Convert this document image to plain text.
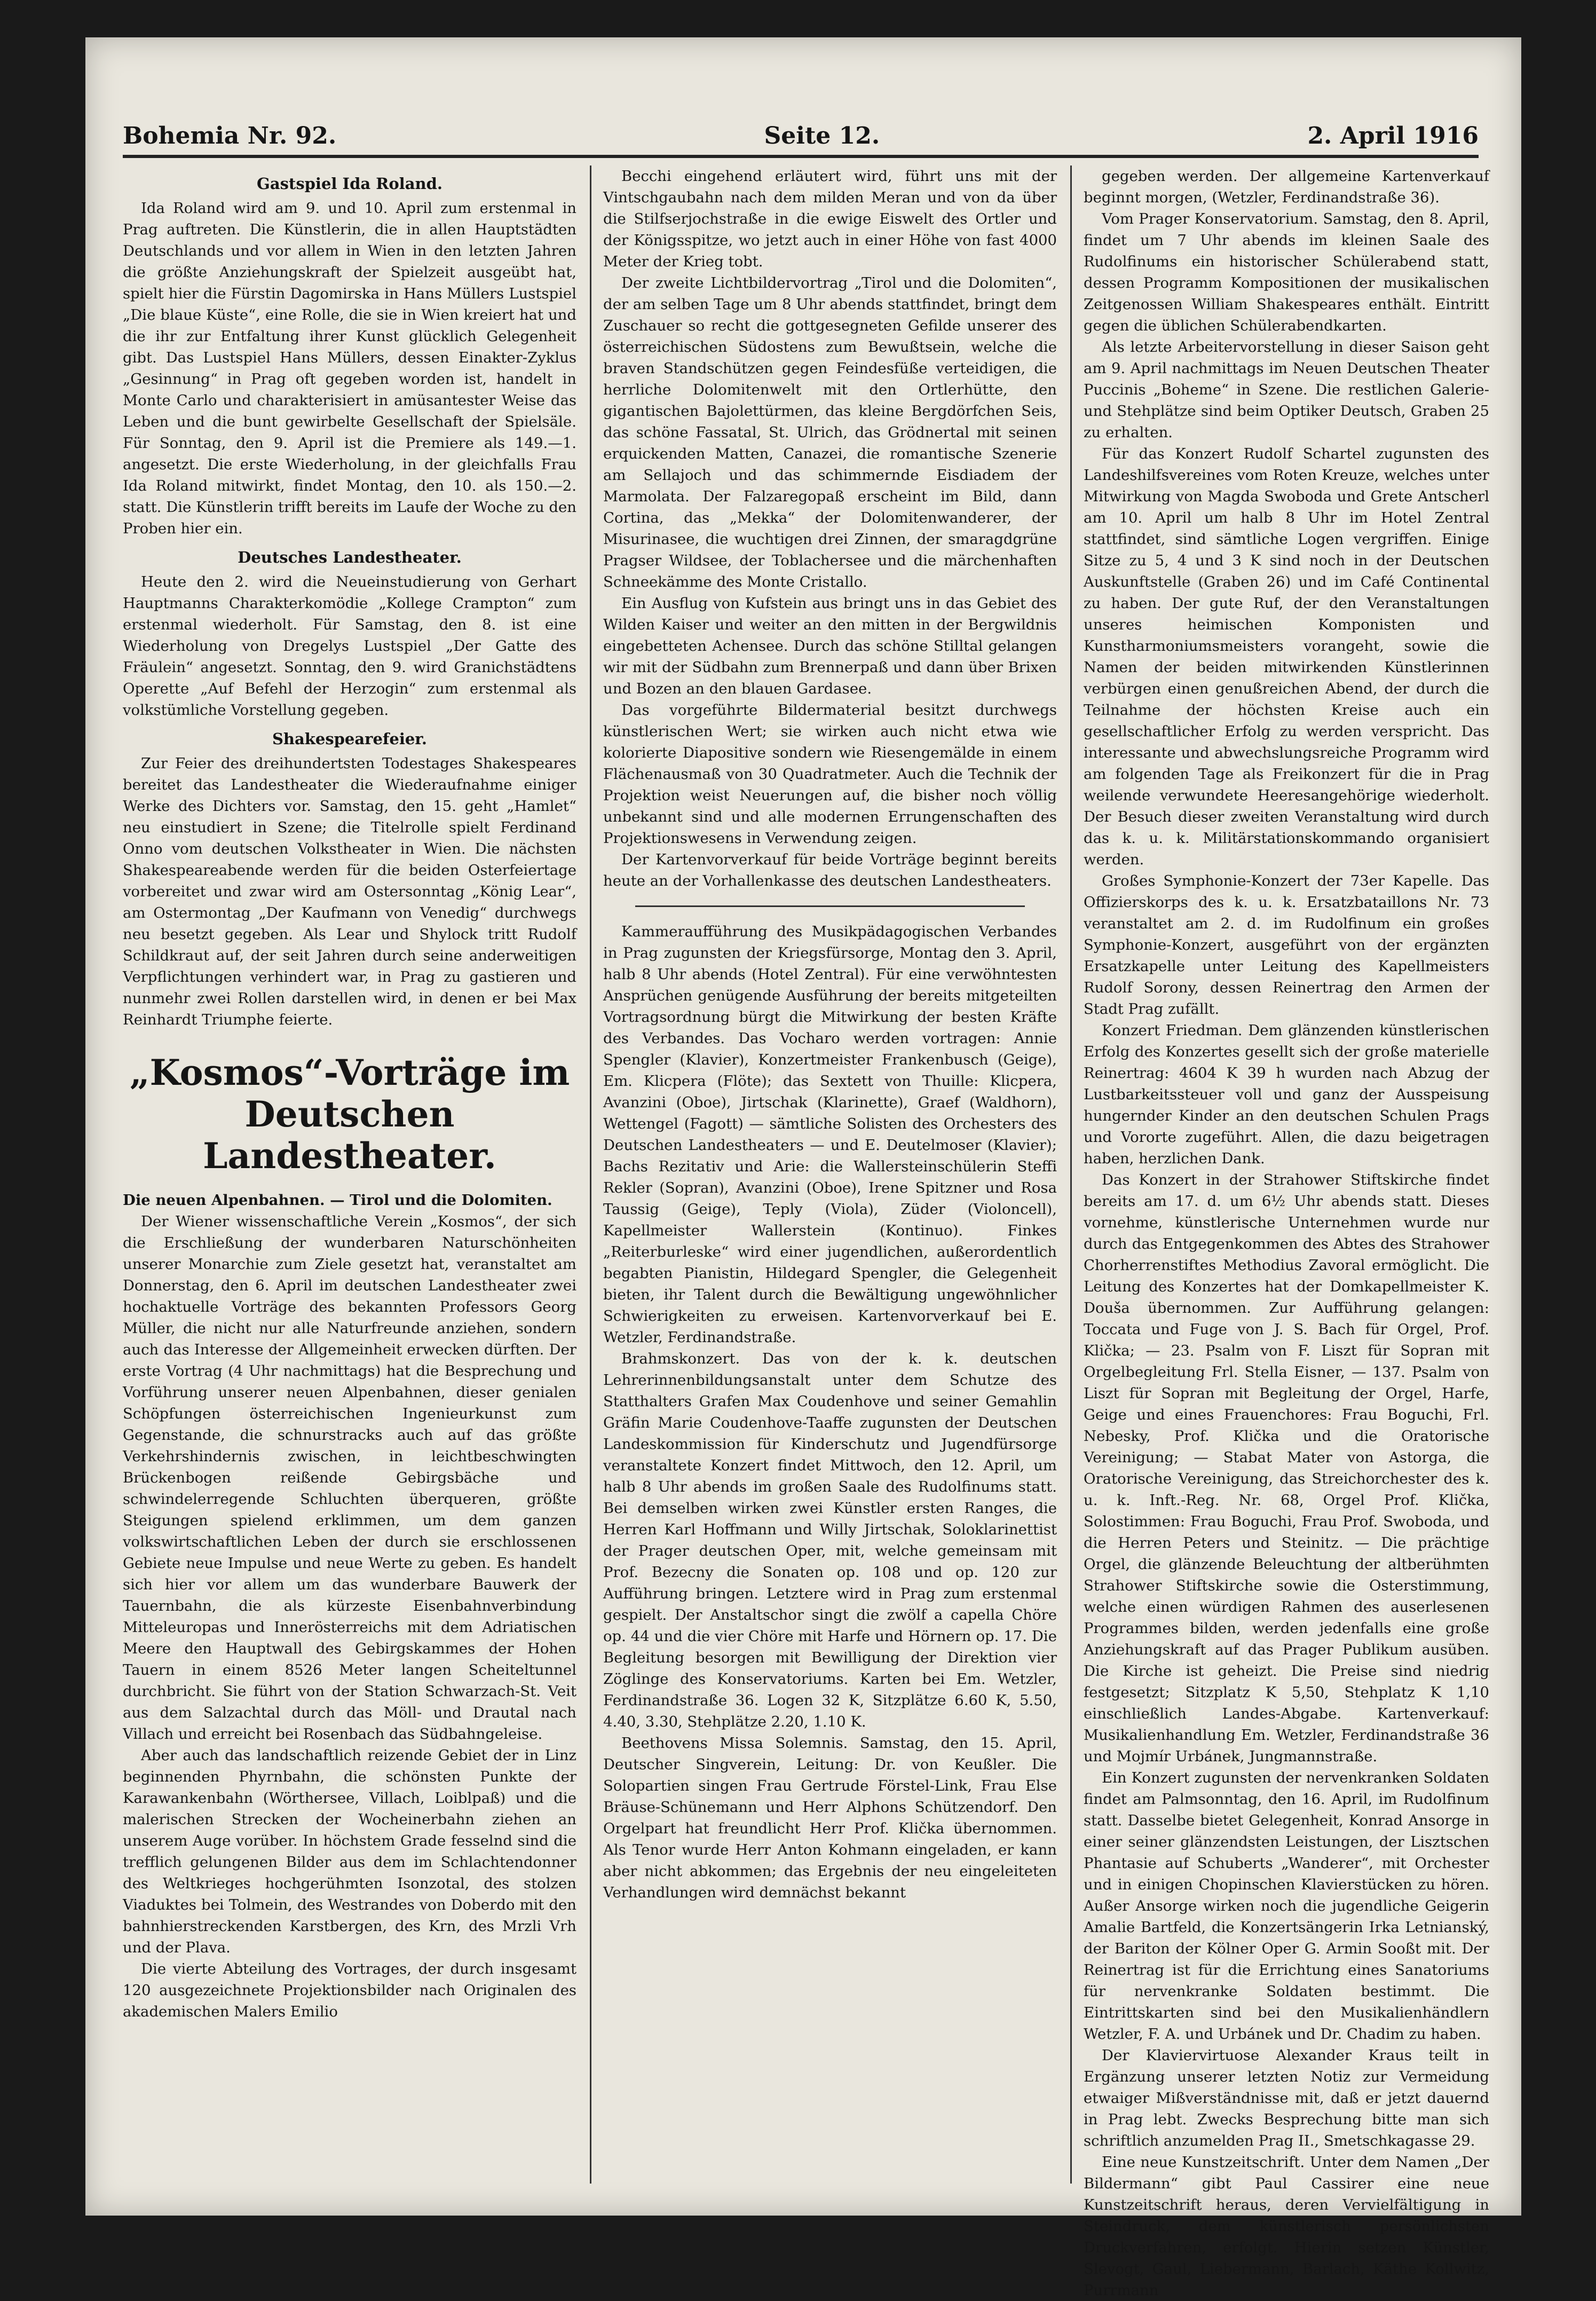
Bohemia Nr. 92.	Seite 12.	2. April 1916
Gastspiel Ida Roland.

Ida Roland wird am 9. und 10. April zum erstenmal in Prag auftreten. Die Künstlerin, die in allen Hauptstädten Deutschlands und vor allem in Wien in den letzten Jahren die größte Anziehungskraft der Spielzeit ausgeübt hat, spielt hier die Fürstin Dagomirska in Hans Müllers Lustspiel „Die blaue Küste“, eine Rolle, die sie in Wien kreiert hat und die ihr zur Entfaltung ihrer Kunst glücklich Gelegenheit gibt. Das Lustspiel Hans Müllers, dessen Einakter-Zyklus „Gesinnung“ in Prag oft gegeben worden ist, handelt in Monte Carlo und charakterisiert in amüsantester Weise das Leben und die bunt gewirbelte Gesellschaft der Spielsäle. Für Sonntag, den 9. April ist die Premiere als 149.—1. angesetzt. Die erste Wiederholung, in der gleichfalls Frau Ida Roland mitwirkt, findet Montag, den 10. als 150.—2. statt. Die Künstlerin trifft bereits im Laufe der Woche zu den Proben hier ein.

Deutsches Landestheater.

Heute den 2. wird die Neueinstudierung von Gerhart Hauptmanns Charakterkomödie „Kollege Crampton“ zum erstenmal wiederholt. Für Samstag, den 8. ist eine Wiederholung von Dregelys Lustspiel „Der Gatte des Fräulein“ angesetzt. Sonntag, den 9. wird Granichstädtens Operette „Auf Befehl der Herzogin“ zum erstenmal als volkstümliche Vorstellung gegeben.

Shakespearefeier.

Zur Feier des dreihundertsten Todestages Shakespeares bereitet das Landestheater die Wiederaufnahme einiger Werke des Dichters vor. Samstag, den 15. geht „Hamlet“ neu einstudiert in Szene; die Titelrolle spielt Ferdinand Onno vom deutschen Volkstheater in Wien. Die nächsten Shakespeareabende werden für die beiden Osterfeiertage vorbereitet und zwar wird am Ostersonntag „König Lear“, am Ostermontag „Der Kaufmann von Venedig“ durchwegs neu besetzt gegeben. Als Lear und Shylock tritt Rudolf Schildkraut auf, der seit Jahren durch seine anderweitigen Verpflichtungen verhindert war, in Prag zu gastieren und nunmehr zwei Rollen darstellen wird, in denen er bei Max Reinhardt Triumphe feierte.

„Kosmos“-Vorträge im Deutschen Landestheater.

Die neuen Alpenbahnen. — Tirol und die Dolomiten.

Der Wiener wissenschaftliche Verein „Kosmos“, der sich die Erschließung der wunderbaren Naturschönheiten unserer Monarchie zum Ziele gesetzt hat, veranstaltet am Donnerstag, den 6. April im deutschen Landestheater zwei hochaktuelle Vorträge des bekannten Professors Georg Müller, die nicht nur alle Naturfreunde anziehen, sondern auch das Interesse der Allgemeinheit erwecken dürften. Der erste Vortrag (4 Uhr nachmittags) hat die Besprechung und Vorführung unserer neuen Alpenbahnen, dieser genialen Schöpfungen österreichischen Ingenieurkunst zum Gegenstande, die schnurstracks auch auf das größte Verkehrshindernis zwischen, in leichtbeschwingten Brückenbogen reißende Gebirgsbäche und schwindelerregende Schluchten überqueren, größte Steigungen spielend erklimmen, um dem ganzen volkswirtschaftlichen Leben der durch sie erschlossenen Gebiete neue Impulse und neue Werte zu geben. Es handelt sich hier vor allem um das wunderbare Bauwerk der Tauernbahn, die als kürzeste Eisenbahnverbindung Mitteleuropas und Innerösterreichs mit dem Adriatischen Meere den Hauptwall des Gebirgskammes der Hohen Tauern in einem 8526 Meter langen Scheiteltunnel durchbricht. Sie führt von der Station Schwarzach-St. Veit aus dem Salzachtal durch das Möll- und Drautal nach Villach und erreicht bei Rosenbach das Südbahngeleise.

Aber auch das landschaftlich reizende Gebiet der in Linz beginnenden Phyrnbahn, die schönsten Punkte der Karawankenbahn (Wörthersee, Villach, Loiblpaß) und die malerischen Strecken der Wocheinerbahn ziehen an unserem Auge vorüber. In höchstem Grade fesselnd sind die trefflich gelungenen Bilder aus dem im Schlachtendonner des Weltkrieges hochgerühmten Isonzotal, des stolzen Viaduktes bei Tolmein, des Westrandes von Doberdo mit den bahnhierstreckenden Karstbergen, des Krn, des Mrzli Vrh und der Plava.

Die vierte Abteilung des Vortrages, der durch insgesamt 120 ausgezeichnete Projektionsbilder nach Originalen des akademischen Malers Emilio

Becchi eingehend erläutert wird, führt uns mit der Vintschgaubahn nach dem milden Meran und von da über die Stilfserjochstraße in die ewige Eiswelt des Ortler und der Königsspitze, wo jetzt auch in einer Höhe von fast 4000 Meter der Krieg tobt.

Der zweite Lichtbildervortrag „Tirol und die Dolomiten“, der am selben Tage um 8 Uhr abends stattfindet, bringt dem Zuschauer so recht die gottgesegneten Gefilde unserer des österreichischen Südostens zum Bewußtsein, welche die braven Standschützen gegen Feindesfüße verteidigen, die herrliche Dolomitenwelt mit den Ortlerhütte, den gigantischen Bajolettürmen, das kleine Bergdörfchen Seis, das schöne Fassatal, St. Ulrich, das Grödnertal mit seinen erquickenden Matten, Canazei, die romantische Szenerie am Sellajoch und das schimmernde Eisdiadem der Marmolata. Der Falzaregopaß erscheint im Bild, dann Cortina, das „Mekka“ der Dolomitenwanderer, der Misurinasee, die wuchtigen drei Zinnen, der smaragdgrüne Pragser Wildsee, der Toblachersee und die märchenhaften Schneekämme des Monte Cristallo.

Ein Ausflug von Kufstein aus bringt uns in das Gebiet des Wilden Kaiser und weiter an den mitten in der Bergwildnis eingebetteten Achensee. Durch das schöne Stilltal gelangen wir mit der Südbahn zum Brennerpaß und dann über Brixen und Bozen an den blauen Gardasee.

Das vorgeführte Bildermaterial besitzt durchwegs künstlerischen Wert; sie wirken auch nicht etwa wie kolorierte Diapositive sondern wie Riesengemälde in einem Flächenausmaß von 30 Quadratmeter. Auch die Technik der Projektion weist Neuerungen auf, die bisher noch völlig unbekannt sind und alle modernen Errungenschaften des Projektionswesens in Verwendung zeigen.

Der Kartenvorverkauf für beide Vorträge beginnt bereits heute an der Vorhallenkasse des deutschen Landestheaters.

Kammeraufführung des Musikpädagogischen Verbandes in Prag zugunsten der Kriegsfürsorge, Montag den 3. April, halb 8 Uhr abends (Hotel Zentral). Für eine verwöhntesten Ansprüchen genügende Ausführung der bereits mitgeteilten Vortragsordnung bürgt die Mitwirkung der besten Kräfte des Verbandes. Das Vocharo werden vortragen: Annie Spengler (Klavier), Konzertmeister Frankenbusch (Geige), Em. Klicpera (Flöte); das Sextett von Thuille: Klicpera, Avanzini (Oboe), Jirtschak (Klarinette), Graef (Waldhorn), Wettengel (Fagott) — sämtliche Solisten des Orchesters des Deutschen Landestheaters — und E. Deutelmoser (Klavier); Bachs Rezitativ und Arie: die Wallersteinschülerin Steffi Rekler (Sopran), Avanzini (Oboe), Irene Spitzner und Rosa Taussig (Geige), Teply (Viola), Züder (Violoncell), Kapellmeister Wallerstein (Kontinuo). Finkes „Reiterburleske“ wird einer jugendlichen, außerordentlich begabten Pianistin, Hildegard Spengler, die Gelegenheit bieten, ihr Talent durch die Bewältigung ungewöhnlicher Schwierigkeiten zu erweisen. Kartenvorverkauf bei E. Wetzler, Ferdinandstraße.

Brahmskonzert. Das von der k. k. deutschen Lehrerinnenbildungsanstalt unter dem Schutze des Statthalters Grafen Max Coudenhove und seiner Gemahlin Gräfin Marie Coudenhove-Taaffe zugunsten der Deutschen Landeskommission für Kinderschutz und Jugendfürsorge veranstaltete Konzert findet Mittwoch, den 12. April, um halb 8 Uhr abends im großen Saale des Rudolfinums statt. Bei demselben wirken zwei Künstler ersten Ranges, die Herren Karl Hoffmann und Willy Jirtschak, Soloklarinettist der Prager deutschen Oper, mit, welche gemeinsam mit Prof. Bezecny die Sonaten op. 108 und op. 120 zur Aufführung bringen. Letztere wird in Prag zum erstenmal gespielt. Der Anstaltschor singt die zwölf a capella Chöre op. 44 und die vier Chöre mit Harfe und Hörnern op. 17. Die Begleitung besorgen mit Bewilligung der Direktion vier Zöglinge des Konservatoriums. Karten bei Em. Wetzler, Ferdinandstraße 36. Logen 32 K, Sitzplätze 6.60 K, 5.50, 4.40, 3.30, Stehplätze 2.20, 1.10 K.

Beethovens Missa Solemnis. Samstag, den 15. April, Deutscher Singverein, Leitung: Dr. von Keußler. Die Solopartien singen Frau Gertrude Förstel-Link, Frau Else Bräuse-Schünemann und Herr Alphons Schützendorf. Den Orgelpart hat freundlicht Herr Prof. Klička übernommen. Als Tenor wurde Herr Anton Kohmann eingeladen, er kann aber nicht abkommen; das Ergebnis der neu eingeleiteten Verhandlungen wird demnächst bekannt

gegeben werden. Der allgemeine Kartenverkauf beginnt morgen, (Wetzler, Ferdinandstraße 36).

Vom Prager Konservatorium. Samstag, den 8. April, findet um 7 Uhr abends im kleinen Saale des Rudolfinums ein historischer Schülerabend statt, dessen Programm Kompositionen der musikalischen Zeitgenossen William Shakespeares enthält. Eintritt gegen die üblichen Schülerabendkarten.

Als letzte Arbeitervorstellung in dieser Saison geht am 9. April nachmittags im Neuen Deutschen Theater Puccinis „Boheme“ in Szene. Die restlichen Galerie- und Stehplätze sind beim Optiker Deutsch, Graben 25 zu erhalten.

Für das Konzert Rudolf Schartel zugunsten des Landeshilfsvereines vom Roten Kreuze, welches unter Mitwirkung von Magda Swoboda und Grete Antscherl am 10. April um halb 8 Uhr im Hotel Zentral stattfindet, sind sämtliche Logen vergriffen. Einige Sitze zu 5, 4 und 3 K sind noch in der Deutschen Auskunftstelle (Graben 26) und im Café Continental zu haben. Der gute Ruf, der den Veranstaltungen unseres heimischen Komponisten und Kunstharmoniumsmeisters vorangeht, sowie die Namen der beiden mitwirkenden Künstlerinnen verbürgen einen genußreichen Abend, der durch die Teilnahme der höchsten Kreise auch ein gesellschaftlicher Erfolg zu werden verspricht. Das interessante und abwechslungsreiche Programm wird am folgenden Tage als Freikonzert für die in Prag weilende verwundete Heeresangehörige wiederholt. Der Besuch dieser zweiten Veranstaltung wird durch das k. u. k. Militärstationskommando organisiert werden.

Großes Symphonie-Konzert der 73er Kapelle. Das Offizierskorps des k. u. k. Ersatzbataillons Nr. 73 veranstaltet am 2. d. im Rudolfinum ein großes Symphonie-Konzert, ausgeführt von der ergänzten Ersatzkapelle unter Leitung des Kapellmeisters Rudolf Sorony, dessen Reinertrag den Armen der Stadt Prag zufällt.

Konzert Friedman. Dem glänzenden künstlerischen Erfolg des Konzertes gesellt sich der große materielle Reinertrag: 4604 K 39 h wurden nach Abzug der Lustbarkeitssteuer voll und ganz der Ausspeisung hungernder Kinder an den deutschen Schulen Prags und Vororte zugeführt. Allen, die dazu beigetragen haben, herzlichen Dank.

Das Konzert in der Strahower Stiftskirche findet bereits am 17. d. um 6½ Uhr abends statt. Dieses vornehme, künstlerische Unternehmen wurde nur durch das Entgegenkommen des Abtes des Strahower Chorherrenstiftes Methodius Zavoral ermöglicht. Die Leitung des Konzertes hat der Domkapellmeister K. Douša übernommen. Zur Aufführung gelangen: Toccata und Fuge von J. S. Bach für Orgel, Prof. Klička; — 23. Psalm von F. Liszt für Sopran mit Orgelbegleitung Frl. Stella Eisner, — 137. Psalm von Liszt für Sopran mit Begleitung der Orgel, Harfe, Geige und eines Frauenchores: Frau Boguchi, Frl. Nebesky, Prof. Klička und die Oratorische Vereinigung; — Stabat Mater von Astorga, die Oratorische Vereinigung, das Streichorchester des k. u. k. Inft.-Reg. Nr. 68, Orgel Prof. Klička, Solostimmen: Frau Boguchi, Frau Prof. Swoboda, und die Herren Peters und Steinitz. — Die prächtige Orgel, die glänzende Beleuchtung der altberühmten Strahower Stiftskirche sowie die Osterstimmung, welche einen würdigen Rahmen des auserlesenen Programmes bilden, werden jedenfalls eine große Anziehungskraft auf das Prager Publikum ausüben. Die Kirche ist geheizt. Die Preise sind niedrig festgesetzt; Sitzplatz K 5,50, Stehplatz K 1,10 einschließlich Landes-Abgabe. Kartenverkauf: Musikalienhandlung Em. Wetzler, Ferdinandstraße 36 und Mojmír Urbánek, Jungmannstraße.

Ein Konzert zugunsten der nervenkranken Soldaten findet am Palmsonntag, den 16. April, im Rudolfinum statt. Dasselbe bietet Gelegenheit, Konrad Ansorge in einer seiner glänzendsten Leistungen, der Lisztschen Phantasie auf Schuberts „Wanderer“, mit Orchester und in einigen Chopinschen Klavierstücken zu hören. Außer Ansorge wirken noch die jugendliche Geigerin Amalie Bartfeld, die Konzertsängerin Irka Letnianský, der Bariton der Kölner Oper G. Armin Sooßt mit. Der Reinertrag ist für die Errichtung eines Sanatoriums für nervenkranke Soldaten bestimmt. Die Eintrittskarten sind bei den Musikalienhändlern Wetzler, F. A. und Urbánek und Dr. Chadim zu haben.

Der Klaviervirtuose Alexander Kraus teilt in Ergänzung unserer letzten Notiz zur Vermeidung etwaiger Mißverständnisse mit, daß er jetzt dauernd in Prag lebt. Zwecks Besprechung bitte man sich schriftlich anzumelden Prag II., Smetschkagasse 29.

Eine neue Kunstzeitschrift. Unter dem Namen „Der Bildermann“ gibt Paul Cassirer eine neue Kunstzeitschrift heraus, deren Vervielfältigung in Steindruck, dem künstlerisch persönlichsten Druckverfahren, erfolgt. Hierin setzen Künstler, Slevogt, Gaul, Liebermann, Barlach, Käthe Kollwitz, Purrmann
